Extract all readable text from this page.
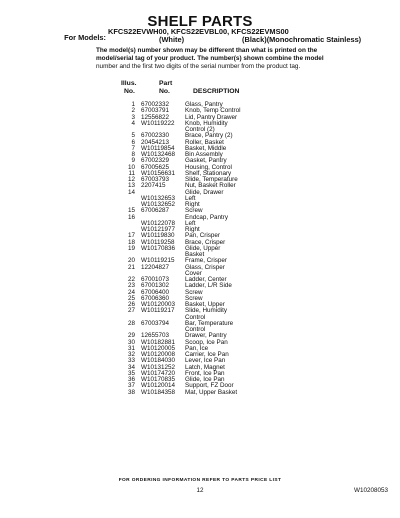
SHELF PARTS
For Models:
KFCS22EVWH00, KFCS22EVBL00, KFCS22EVMS00
(White)	(Black)(Monochromatic Stainless)
The model(s) number shown may be different than what is printed on the
model/serial tag of your product. The number(s) shown combine the model
number and the first two digits of the serial number from the product tag.
Illus.
No.
Part
No.	DESCRIPTION
1 67002332	Glass, Pantry
2 67003791	Knob, Temp Control
3 12556822	Lid, Pantry Drawer
4 W10119222	Knob, Humidity
Control (2)
5 67002330	Brace, Pantry (2)
6 20454213	Roller, Basket
7 W10119854	Basket, Middle
8 W10132468	Bin Assembly
9 67002329	Gasket, Pantry
10 67005625	Housing, Control
11 W10156631	Shelf, Stationary
12 67003793	Slide, Temperature
13 2207415	Nut, Basket Roller
14	Glide, Drawer
W10132653	Left
W10132652	Right
15 67006287	Screw
16	Endcap, Pantry
W10122078	Left
W10121977	Right
17 W10119830	Pan, Crisper
18 W10119258	Brace, Crisper
19 W10170836	Glide, Upper
Basket
20 W10119215	Frame, Crisper
21 12204827	Glass, Crisper
Cover
22 67001073	Ladder, Center
23 67001302	Ladder, L/R Side
24 67006400	Screw
25 67006360	Screw
26 W10120003	Basket, Upper
27 W10119217	Slide, Humidity
Control
28 67003794	Bar, Temperature
Control
29 12655703	Drawer, Pantry
30 W10182881	Scoop, Ice Pan
31 W10120005	Pan, Ice
32 W10120008	Carrier, Ice Pan
33 W10184030	Lever, Ice Pan
34 W10131252	Latch, Magnet
35 W10174720	Front, Ice Pan
36 W10170835	Glide, Ice Pan
37 W10120014	Support, FZ Door
38 W10184358	Mat, Upper Basket
FOR ORDERING INFORMATION REFER TO PARTS PRICE LIST
12	W10208053
